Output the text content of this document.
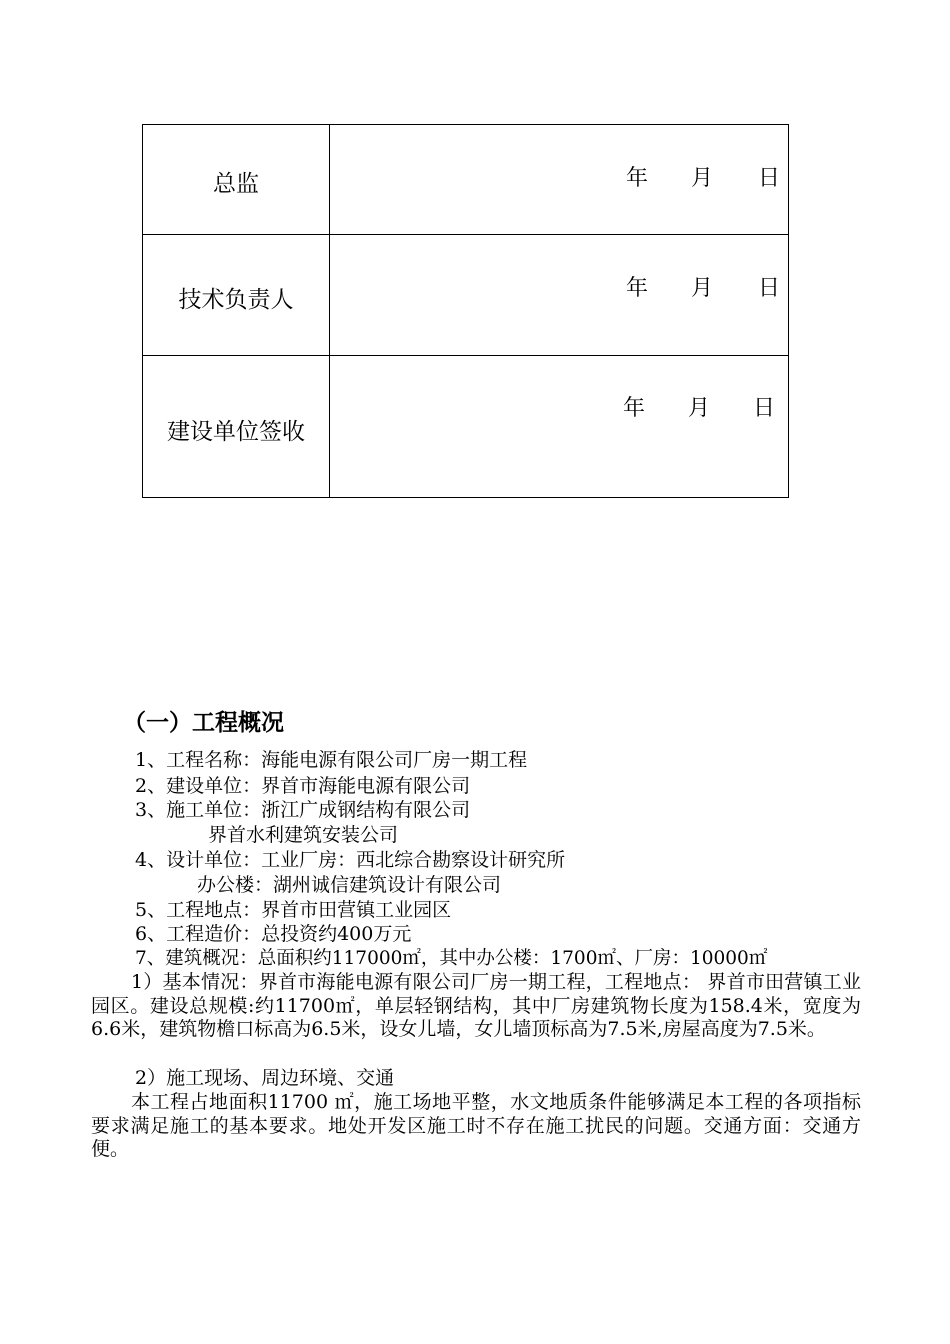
总监	年 月 日

技术负责人	年 月 日

建设单位签收	年 月 日
（一）工程概况
1、工程名称：海能电源有限公司厂房一期工程
2、建设单位：界首市海能电源有限公司
3、施工单位：浙江广成钢结构有限公司
界首水利建筑安装公司
4、设计单位：工业厂房：西北综合勘察设计研究所
办公楼：湖州诚信建筑设计有限公司
5、工程地点：界首市田营镇工业园区
6、工程造价：总投资约400万元
7、建筑概况：总面积约117000㎡，其中办公楼：1700㎡、厂房：10000㎡
1）基本情况：界首市海能电源有限公司厂房一期工程，工程地点： 界首市田营镇工业园区。建设总规模:约11700㎡，单层轻钢结构，其中厂房建筑物长度为158.4米，宽度为6.6米，建筑物檐口标高为6.5米，设女儿墙，女儿墙顶标高为7.5米,房屋高度为7.5米。
2）施工现场、周边环境、交通
本工程占地面积11700 ㎡，施工场地平整，水文地质条件能够满足本工程的各项指标要求满足施工的基本要求。地处开发区施工时不存在施工扰民的问题。交通方面：交通方便。
